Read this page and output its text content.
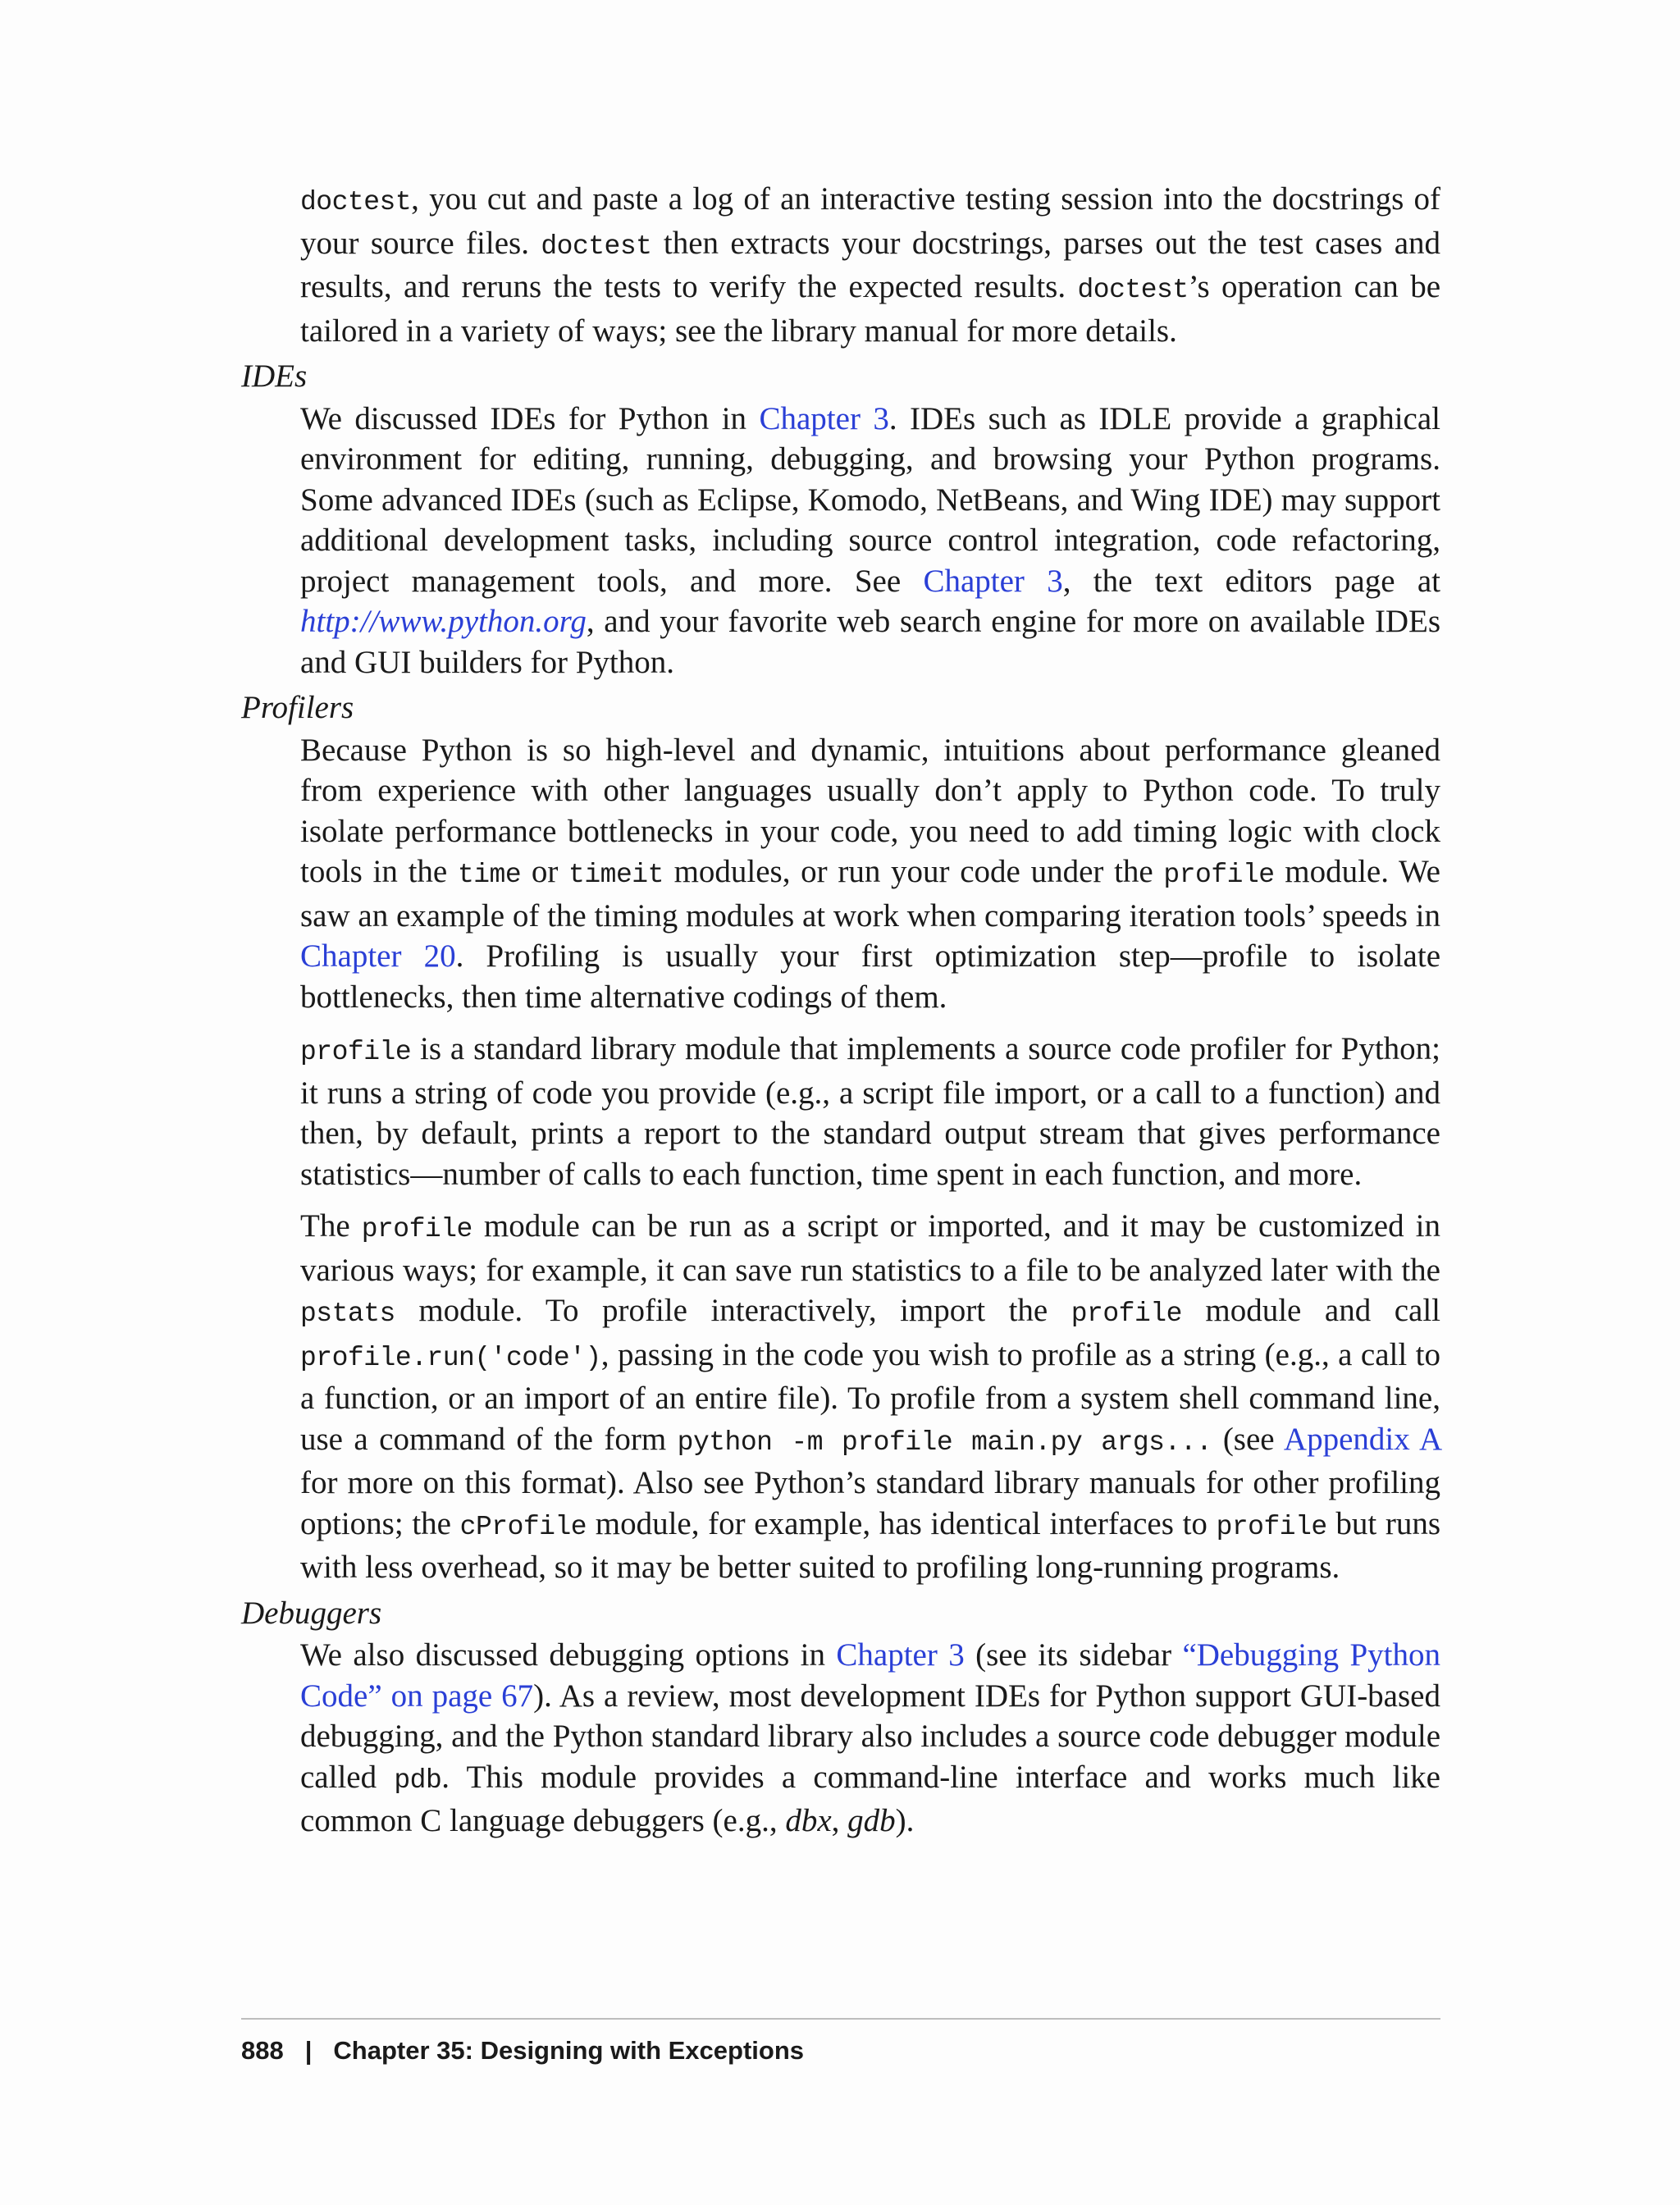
doctest, you cut and paste a log of an interactive testing session into the docstrings of your source files. doctest then extracts your docstrings, parses out the test cases and results, and reruns the tests to verify the expected results. doctest’s operation can be tailored in a variety of ways; see the library manual for more details.

IDEs

We discussed IDEs for Python in Chapter 3. IDEs such as IDLE provide a graphical environment for editing, running, debugging, and browsing your Python programs. Some advanced IDEs (such as Eclipse, Komodo, NetBeans, and Wing IDE) may support additional development tasks, including source control integration, code refactoring, project management tools, and more. See Chapter 3, the text editors page at http://www.python.org, and your favorite web search engine for more on available IDEs and GUI builders for Python.

Profilers

Because Python is so high-level and dynamic, intuitions about performance gleaned from experience with other languages usually don’t apply to Python code. To truly isolate performance bottlenecks in your code, you need to add timing logic with clock tools in the time or timeit modules, or run your code under the profile module. We saw an example of the timing modules at work when comparing iteration tools’ speeds in Chapter 20. Profiling is usually your first optimization step—profile to isolate bottlenecks, then time alternative codings of them.

profile is a standard library module that implements a source code profiler for Python; it runs a string of code you provide (e.g., a script file import, or a call to a function) and then, by default, prints a report to the standard output stream that gives performance statistics—number of calls to each function, time spent in each function, and more.

The profile module can be run as a script or imported, and it may be customized in various ways; for example, it can save run statistics to a file to be analyzed later with the pstats module. To profile interactively, import the profile module and call profile.run('code'), passing in the code you wish to profile as a string (e.g., a call to a function, or an import of an entire file). To profile from a system shell command line, use a command of the form python -m profile main.py args... (see Appendix A for more on this format). Also see Python’s standard library manuals for other profiling options; the cProfile module, for example, has identical interfaces to profile but runs with less overhead, so it may be better suited to profiling long-running programs.

Debuggers

We also discussed debugging options in Chapter 3 (see its sidebar “Debugging Python Code” on page 67). As a review, most development IDEs for Python support GUI-based debugging, and the Python standard library also includes a source code debugger module called pdb. This module provides a command-line interface and works much like common C language debuggers (e.g., dbx, gdb).

888 | Chapter 35: Designing with Exceptions
